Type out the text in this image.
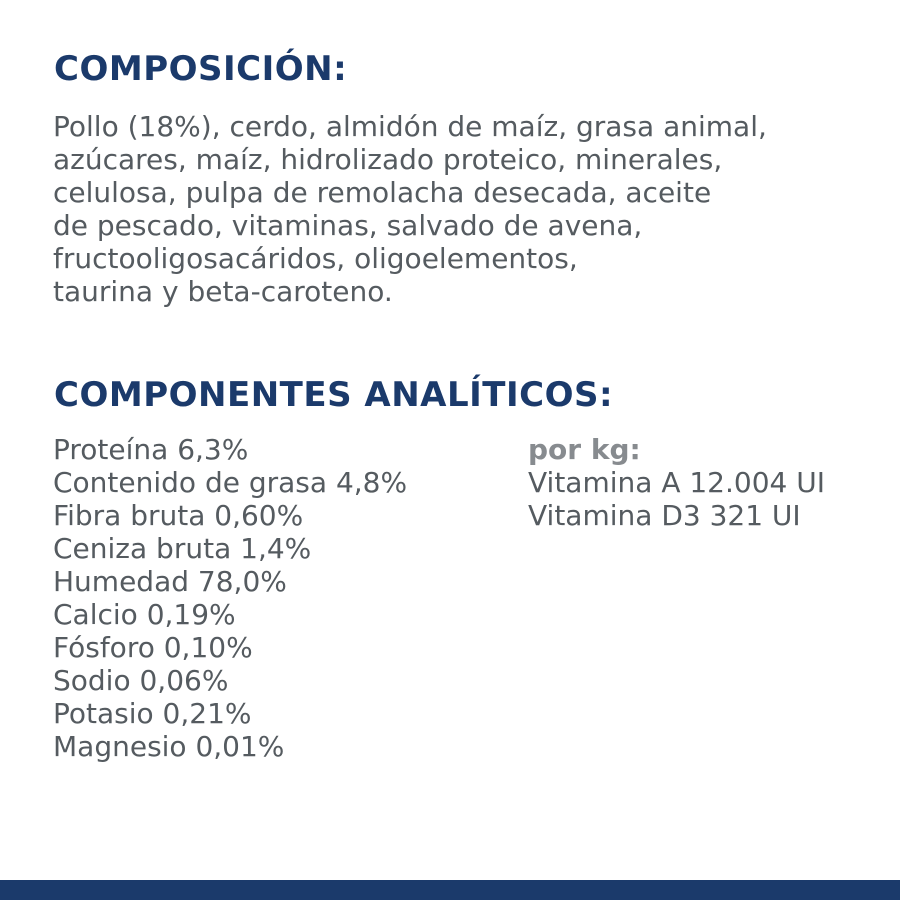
COMPOSICIÓN:
Pollo (18%), cerdo, almidón de maíz, grasa animal,
azúcares, maíz, hidrolizado proteico, minerales,
celulosa, pulpa de remolacha desecada, aceite
de pescado, vitaminas, salvado de avena,
fructooligosacáridos, oligoelementos,
taurina y beta-caroteno.
COMPONENTES ANALÍTICOS:
Proteína 6,3%
Contenido de grasa 4,8%
Fibra bruta 0,60%
Ceniza bruta 1,4%
Humedad 78,0%
Calcio 0,19%
Fósforo 0,10%
Sodio 0,06%
Potasio 0,21%
Magnesio 0,01%
por kg:
Vitamina A 12.004 UI
Vitamina D3 321 UI
